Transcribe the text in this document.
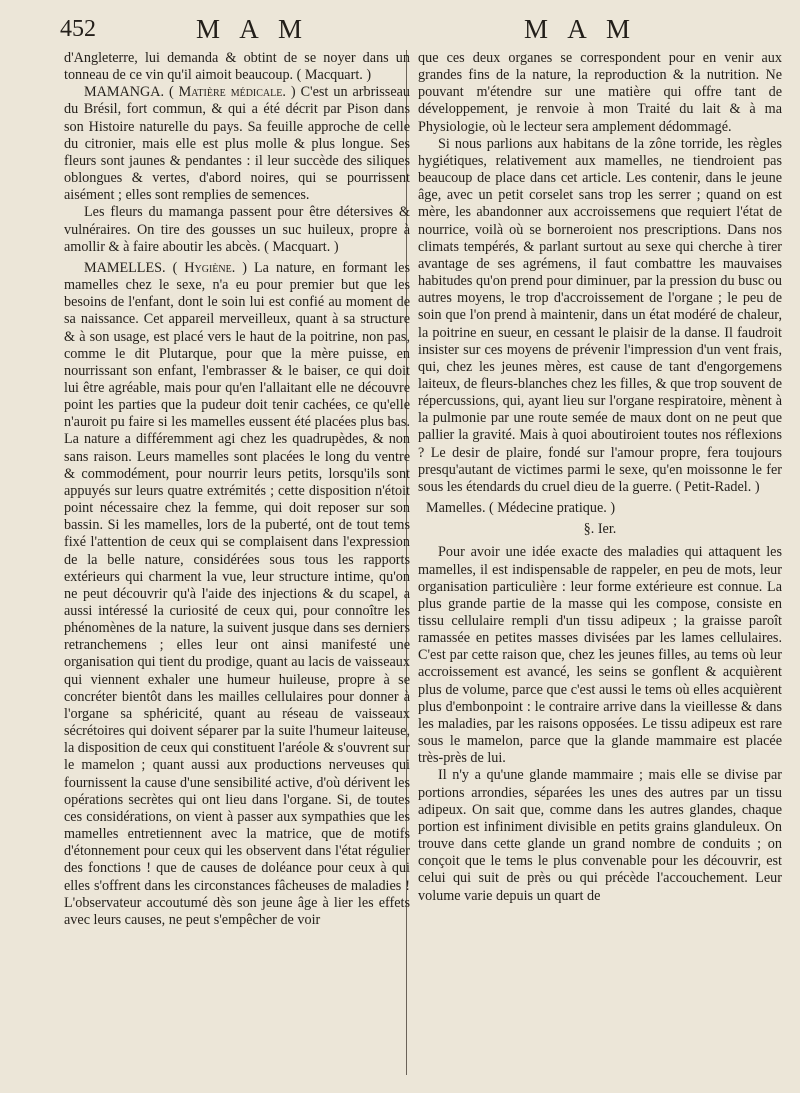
452	M A M	M A M

d'Angleterre, lui demanda & obtint de se noyer dans un tonneau de ce vin qu'il aimoit beaucoup. ( Macquart. )

MAMANGA. ( Matière médicale. ) C'est un arbrisseau du Brésil, fort commun, & qui a été décrit par Pison dans son Histoire naturelle du pays. Sa feuille approche de celle du citronier, mais elle est plus molle & plus longue. Ses fleurs sont jaunes & pendantes : il leur succède des siliques oblongues & vertes, d'abord noires, qui se pourrissent aisément ; elles sont remplies de semences.

Les fleurs du mamanga passent pour être détersives & vulnéraires. On tire des gousses un suc huileux, propre à amollir & à faire aboutir les abcès. ( Macquart. )

MAMELLES. ( Hygiène. ) La nature, en formant les mamelles chez le sexe, n'a eu pour premier but que les besoins de l'enfant, dont le soin lui est confié au moment de sa naissance. Cet appareil merveilleux, quant à sa structure & à son usage, est placé vers le haut de la poitrine, non pas, comme le dit Plutarque, pour que la mère puisse, en nourrissant son enfant, l'embrasser & le baiser, ce qui doit lui être agréable, mais pour qu'en l'allaitant elle ne découvre point les parties que la pudeur doit tenir cachées, ce qu'elle n'auroit pu faire si les mamelles eussent été placées plus bas. La nature a différemment agi chez les quadrupèdes, & non sans raison. Leurs mamelles sont placées le long du ventre & commodément, pour nourrir leurs petits, lorsqu'ils sont appuyés sur leurs quatre extrémités ; cette disposition n'étoit point nécessaire chez la femme, qui doit reposer sur son bassin. Si les mamelles, lors de la puberté, ont de tout tems fixé l'attention de ceux qui se complaisent dans l'expression de la belle nature, considérées sous tous les rapports extérieurs qui charment la vue, leur structure intime, qu'on ne peut découvrir qu'à l'aide des injections & du scapel, a aussi intéressé la curiosité de ceux qui, pour connoître les phénomènes de la nature, la suivent jusque dans ses derniers retranchemens ; elles leur ont ainsi manifesté une organisation qui tient du prodige, quant au lacis de vaisseaux qui viennent exhaler une humeur huileuse, propre à se concréter bientôt dans les mailles cellulaires pour donner à l'organe sa sphéricité, quant au réseau de vaisseaux sécrétoires qui doivent séparer par la suite l'humeur laiteuse, la disposition de ceux qui constituent l'aréole & s'ouvrent sur le mamelon ; quant aussi aux productions nerveuses qui fournissent la cause d'une sensibilité active, d'où dérivent les opérations secrètes qui ont lieu dans l'organe. Si, de toutes ces considérations, on vient à passer aux sympathies que les mamelles entretiennent avec la matrice, que de motifs d'étonnement pour ceux qui les observent dans l'état régulier des fonctions ! que de causes de doléance pour ceux à qui elles s'offrent dans les circonstances fâcheuses de maladies ! L'observateur accoutumé dès son jeune âge à lier les effets avec leurs causes, ne peut s'empêcher de voir

que ces deux organes se correspondent pour en venir aux grandes fins de la nature, la reproduction & la nutrition. Ne pouvant m'étendre sur une matière qui offre tant de développement, je renvoie à mon Traité du lait & à ma Physiologie, où le lecteur sera amplement dédommagé.

Si nous parlions aux habitans de la zône torride, les règles hygiétiques, relativement aux mamelles, ne tiendroient pas beaucoup de place dans cet article. Les contenir, dans le jeune âge, avec un petit corselet sans trop les serrer ; quand on est mère, les abandonner aux accroissemens que requiert l'état de nourrice, voilà où se borneroient nos prescriptions. Dans nos climats tempérés, & parlant surtout au sexe qui cherche à tirer avantage de ses agrémens, il faut combattre les mauvaises habitudes qu'on prend pour diminuer, par la pression du busc ou autres moyens, le trop d'accroissement de l'organe ; le peu de soin que l'on prend à maintenir, dans un état modéré de chaleur, la poitrine en sueur, en cessant le plaisir de la danse. Il faudroit insister sur ces moyens de prévenir l'impression d'un vent frais, qui, chez les jeunes mères, est cause de tant d'engorgemens laiteux, de fleurs-blanches chez les filles, & que trop souvent de répercussions, qui, ayant lieu sur l'organe respiratoire, mènent à la pulmonie par une route semée de maux dont on ne peut que pallier la gravité. Mais à quoi aboutiroient toutes nos réflexions ? Le desir de plaire, fondé sur l'amour propre, fera toujours presqu'autant de victimes parmi le sexe, qu'en moissonne le fer sous les étendards du cruel dieu de la guerre. ( Petit-Radel. )

Mamelles. ( Médecine pratique. )

§. Ier.

Pour avoir une idée exacte des maladies qui attaquent les mamelles, il est indispensable de rappeler, en peu de mots, leur organisation particulière : leur forme extérieure est connue. La plus grande partie de la masse qui les compose, consiste en tissu cellulaire rempli d'un tissu adipeux ; la graisse paroît ramassée en petites masses divisées par les lames cellulaires. C'est par cette raison que, chez les jeunes filles, au tems où leur accroissement est avancé, les seins se gonflent & acquièrent plus de volume, parce que c'est aussi le tems où elles acquièrent plus d'embonpoint : le contraire arrive dans la vieillesse & dans les maladies, par les raisons opposées. Le tissu adipeux est rare sous le mamelon, parce que la glande mammaire est placée très-près de lui.

Il n'y a qu'une glande mammaire ; mais elle se divise par portions arrondies, séparées les unes des autres par un tissu adipeux. On sait que, comme dans les autres glandes, chaque portion est infiniment divisible en petits grains glanduleux. On trouve dans cette glande un grand nombre de conduits ; on conçoit que le tems le plus convenable pour les découvrir, est celui qui suit de près ou qui précède l'accouchement. Leur volume varie depuis un quart de
